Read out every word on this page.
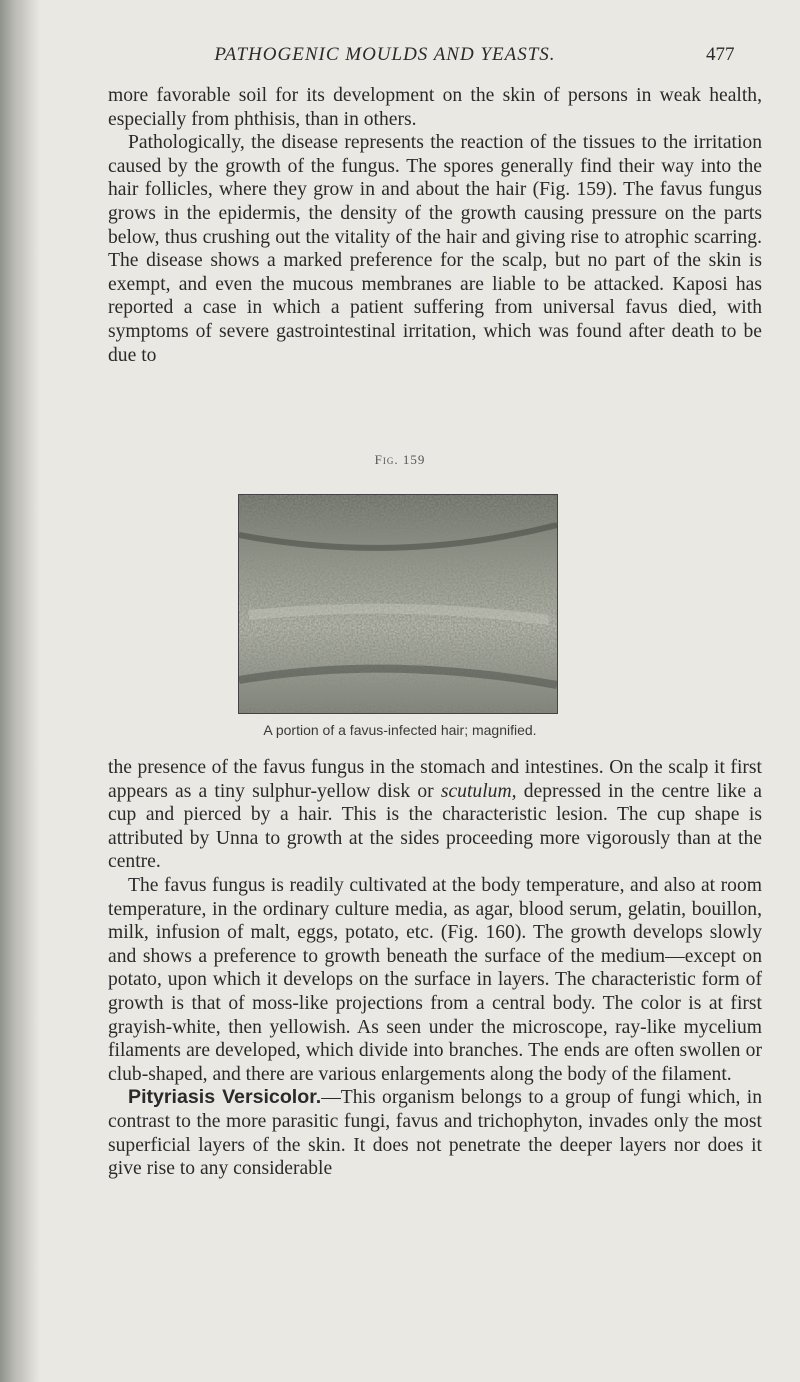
PATHOGENIC MOULDS AND YEASTS.	477

more favorable soil for its development on the skin of persons in weak health, especially from phthisis, than in others.

Pathologically, the disease represents the reaction of the tissues to the irritation caused by the growth of the fungus. The spores generally find their way into the hair follicles, where they grow in and about the hair (Fig. 159). The favus fungus grows in the epidermis, the density of the growth causing pressure on the parts below, thus crushing out the vitality of the hair and giving rise to atrophic scarring. The disease shows a marked preference for the scalp, but no part of the skin is exempt, and even the mucous membranes are liable to be attacked. Kaposi has reported a case in which a patient suffering from universal favus died, with symptoms of severe gastrointestinal irritation, which was found after death to be due to

Fig. 159
A portion of a favus-infected hair; magnified.

the presence of the favus fungus in the stomach and intestines. On the scalp it first appears as a tiny sulphur-yellow disk or scutulum, depressed in the centre like a cup and pierced by a hair. This is the characteristic lesion. The cup shape is attributed by Unna to growth at the sides proceeding more vigorously than at the centre.

The favus fungus is readily cultivated at the body temperature, and also at room temperature, in the ordinary culture media, as agar, blood serum, gelatin, bouillon, milk, infusion of malt, eggs, potato, etc. (Fig. 160). The growth develops slowly and shows a preference to growth beneath the surface of the medium—except on potato, upon which it develops on the surface in layers. The characteristic form of growth is that of moss-like projections from a central body. The color is at first grayish-white, then yellowish. As seen under the microscope, ray-like mycelium filaments are developed, which divide into branches. The ends are often swollen or club-shaped, and there are various enlargements along the body of the filament.

Pityriasis Versicolor.—This organism belongs to a group of fungi which, in contrast to the more parasitic fungi, favus and trichophyton, invades only the most superficial layers of the skin. It does not penetrate the deeper layers nor does it give rise to any considerable
